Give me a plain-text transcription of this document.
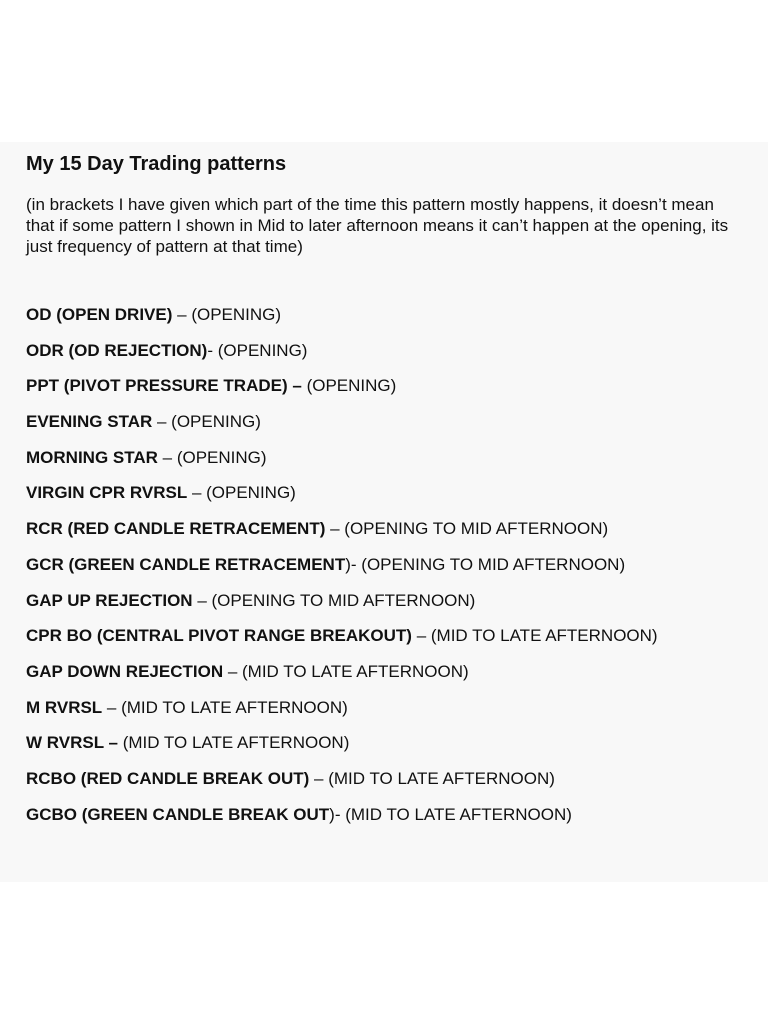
My 15 Day Trading patterns
(in brackets I have given which part of the time this pattern mostly happens, it doesn’t mean that if some pattern I shown in Mid to later afternoon means it can’t happen at the opening, its just frequency of pattern at that time)
OD (OPEN DRIVE) – (OPENING)
ODR (OD REJECTION)- (OPENING)
PPT (PIVOT PRESSURE TRADE) – (OPENING)
EVENING STAR – (OPENING)
MORNING STAR – (OPENING)
VIRGIN CPR RVRSL – (OPENING)
RCR (RED CANDLE RETRACEMENT) – (OPENING TO MID AFTERNOON)
GCR (GREEN CANDLE RETRACEMENT)- (OPENING TO MID AFTERNOON)
GAP UP REJECTION – (OPENING TO MID AFTERNOON)
CPR BO (CENTRAL PIVOT RANGE BREAKOUT) – (MID TO LATE AFTERNOON)
GAP DOWN REJECTION – (MID TO LATE AFTERNOON)
M RVRSL – (MID TO LATE AFTERNOON)
W RVRSL – (MID TO LATE AFTERNOON)
RCBO (RED CANDLE BREAK OUT) – (MID TO LATE AFTERNOON)
GCBO (GREEN CANDLE BREAK OUT)- (MID TO LATE AFTERNOON)
